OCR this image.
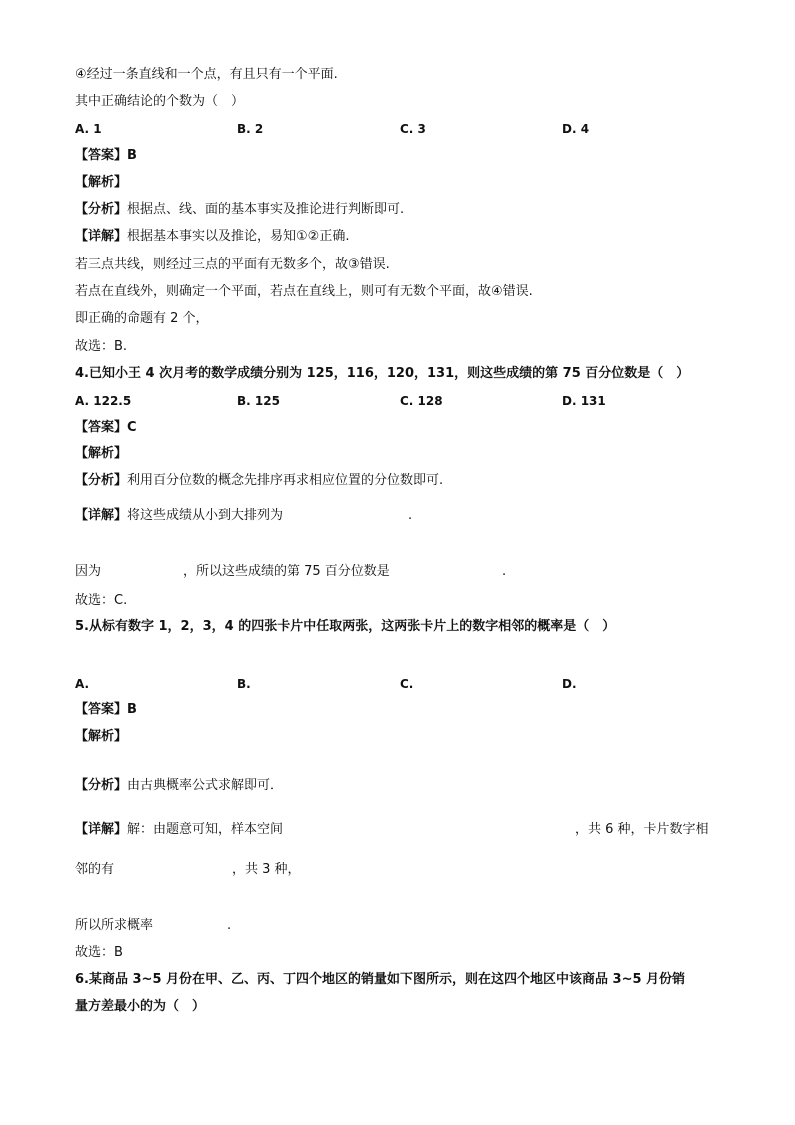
④经过一条直线和一个点，有且只有一个平面.
其中正确结论的个数为（　）
A. 1	B. 2	C. 3	D. 4
【答案】B
【解析】
【分析】根据点、线、面的基本事实及推论进行判断即可.
【详解】根据基本事实以及推论，易知①②正确.
若三点共线，则经过三点的平面有无数多个，故③错误.
若点在直线外，则确定一个平面，若点在直线上，则可有无数个平面，故④错误.
即正确的命题有 2 个，
故选：B.
4.已知小王 4 次月考的数学成绩分别为 125，116，120，131，则这些成绩的第 75 百分位数是（　）
A. 122.5	B. 125	C. 128	D. 131
【答案】C
【解析】
【分析】利用百分位数的概念先排序再求相应位置的分位数即可.
【详解】将这些成绩从小到大排列为	.
因为	，所以这些成绩的第 75 百分位数是	.
故选：C.
5.从标有数字 1，2，3，4 的四张卡片中任取两张，这两张卡片上的数字相邻的概率是（　）
A.	B.	C.	D.
【答案】B
【解析】
【分析】由古典概率公式求解即可．
【详解】解：由题意可知，样本空间	，共 6 种，卡片数字相
邻的有	，共 3 种，
所以所求概率	.
故选：B
6.某商品 3~5 月份在甲、乙、丙、丁四个地区的销量如下图所示，则在这四个地区中该商品 3~5 月份销
量方差最小的为（　）
